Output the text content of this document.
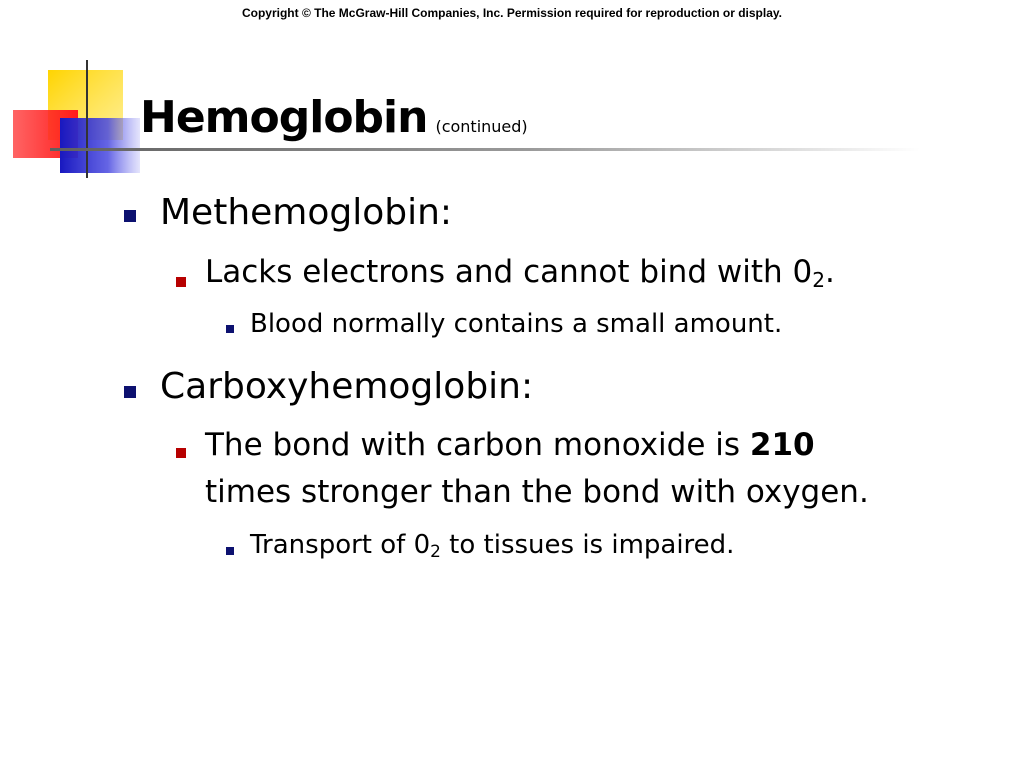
Copyright © The McGraw-Hill Companies, Inc. Permission required for reproduction or display.
Hemoglobin (continued)
Methemoglobin:
Lacks electrons and cannot bind with $0_2$.
Blood normally contains a small amount.
Carboxyhemoglobin:
The bond with carbon monoxide is 210
times stronger than the bond with oxygen.
Transport of $0_2$ to tissues is impaired.
